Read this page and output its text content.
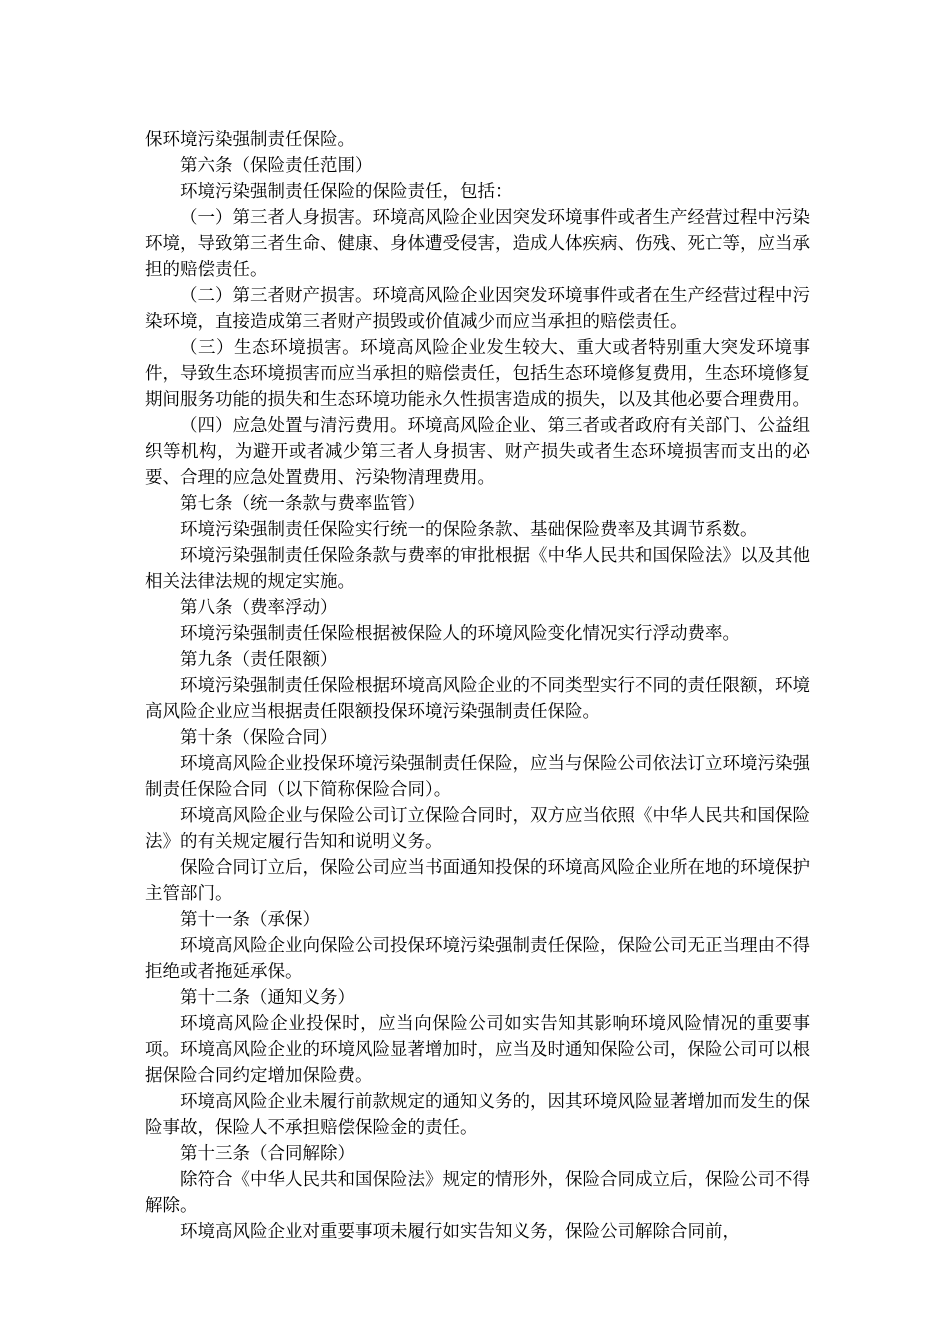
保环境污染强制责任保险。

第六条（保险责任范围）

环境污染强制责任保险的保险责任，包括：

（一）第三者人身损害。环境高风险企业因突发环境事件或者生产经营过程中污染环境，导致第三者生命、健康、身体遭受侵害，造成人体疾病、伤残、死亡等，应当承担的赔偿责任。

（二）第三者财产损害。环境高风险企业因突发环境事件或者在生产经营过程中污染环境，直接造成第三者财产损毁或价值减少而应当承担的赔偿责任。

（三）生态环境损害。环境高风险企业发生较大、重大或者特别重大突发环境事件，导致生态环境损害而应当承担的赔偿责任，包括生态环境修复费用，生态环境修复期间服务功能的损失和生态环境功能永久性损害造成的损失，以及其他必要合理费用。

（四）应急处置与清污费用。环境高风险企业、第三者或者政府有关部门、公益组织等机构，为避开或者减少第三者人身损害、财产损失或者生态环境损害而支出的必要、合理的应急处置费用、污染物清理费用。

第七条（统一条款与费率监管）

环境污染强制责任保险实行统一的保险条款、基础保险费率及其调节系数。

环境污染强制责任保险条款与费率的审批根据《中华人民共和国保险法》以及其他相关法律法规的规定实施。

第八条（费率浮动）

环境污染强制责任保险根据被保险人的环境风险变化情况实行浮动费率。

第九条（责任限额）

环境污染强制责任保险根据环境高风险企业的不同类型实行不同的责任限额，环境高风险企业应当根据责任限额投保环境污染强制责任保险。

第十条（保险合同）

环境高风险企业投保环境污染强制责任保险，应当与保险公司依法订立环境污染强制责任保险合同（以下简称保险合同）。

环境高风险企业与保险公司订立保险合同时，双方应当依照《中华人民共和国保险法》的有关规定履行告知和说明义务。

保险合同订立后，保险公司应当书面通知投保的环境高风险企业所在地的环境保护主管部门。

第十一条（承保）

环境高风险企业向保险公司投保环境污染强制责任保险，保险公司无正当理由不得拒绝或者拖延承保。

第十二条（通知义务）

环境高风险企业投保时，应当向保险公司如实告知其影响环境风险情况的重要事项。环境高风险企业的环境风险显著增加时，应当及时通知保险公司，保险公司可以根据保险合同约定增加保险费。

环境高风险企业未履行前款规定的通知义务的，因其环境风险显著增加而发生的保险事故，保险人不承担赔偿保险金的责任。

第十三条（合同解除）

除符合《中华人民共和国保险法》规定的情形外，保险合同成立后，保险公司不得解除。

环境高风险企业对重要事项未履行如实告知义务，保险公司解除合同前，
